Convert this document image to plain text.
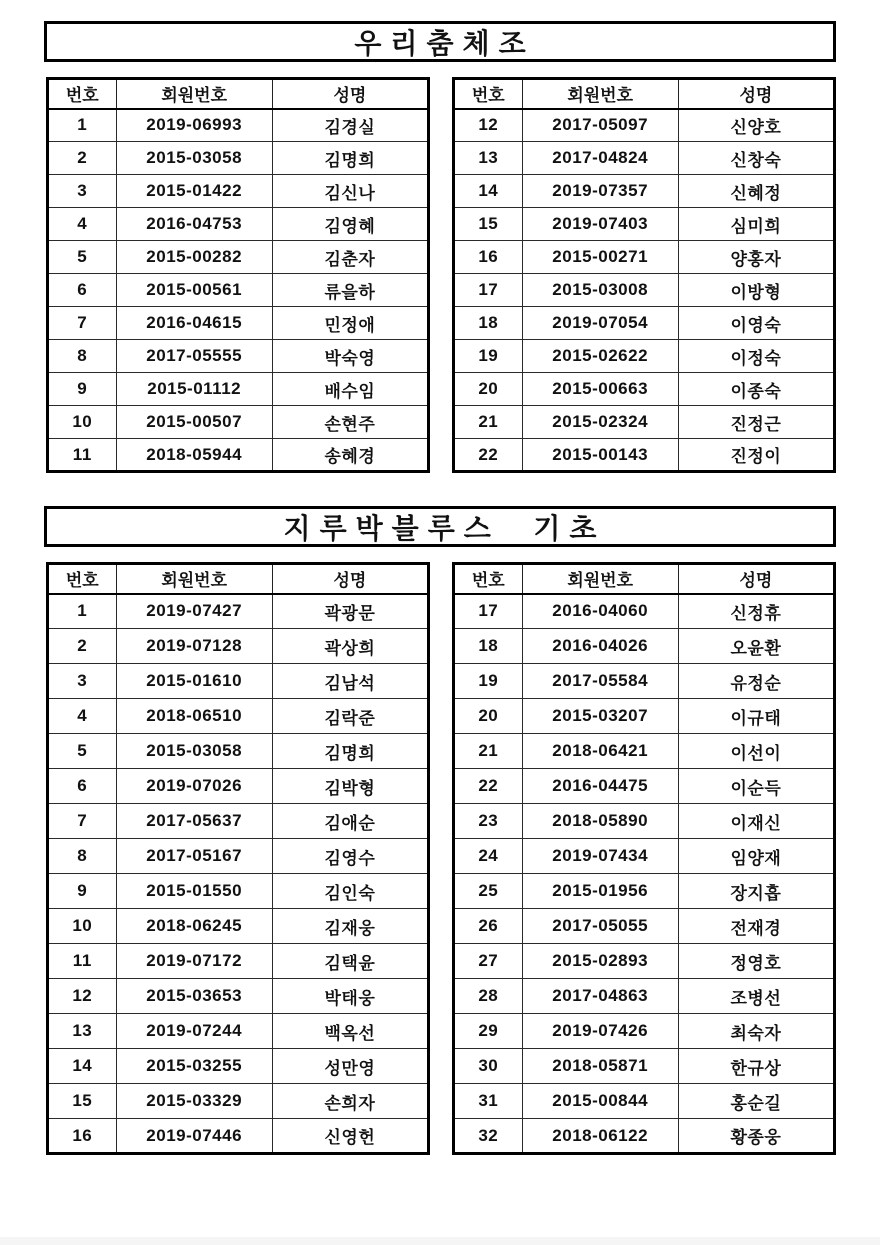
우리춤체조
번호	회원번호	성명
1	2019-06993	김경실
2	2015-03058	김명희
3	2015-01422	김신나
4	2016-04753	김영혜
5	2015-00282	김춘자
6	2015-00561	류을하
7	2016-04615	민정애
8	2017-05555	박숙영
9	2015-01112	배수임
10	2015-00507	손현주
11	2018-05944	송혜경
번호	회원번호	성명
12	2017-05097	신양호
13	2017-04824	신창숙
14	2019-07357	신혜정
15	2019-07403	심미희
16	2015-00271	양홍자
17	2015-03008	이방형
18	2019-07054	이영숙
19	2015-02622	이정숙
20	2015-00663	이종숙
21	2015-02324	진정근
22	2015-00143	진정이
지루박블루스  기초
번호	회원번호	성명
1	2019-07427	곽광문
2	2019-07128	곽상희
3	2015-01610	김남석
4	2018-06510	김락준
5	2015-03058	김명희
6	2019-07026	김박형
7	2017-05637	김애순
8	2017-05167	김영수
9	2015-01550	김인숙
10	2018-06245	김재웅
11	2019-07172	김택윤
12	2015-03653	박태웅
13	2019-07244	백옥선
14	2015-03255	성만영
15	2015-03329	손희자
16	2019-07446	신영헌
번호	회원번호	성명
17	2016-04060	신정휴
18	2016-04026	오윤환
19	2017-05584	유정순
20	2015-03207	이규태
21	2018-06421	이선이
22	2016-04475	이순득
23	2018-05890	이재신
24	2019-07434	임양재
25	2015-01956	장지흡
26	2017-05055	전재경
27	2015-02893	정영호
28	2017-04863	조병선
29	2019-07426	최숙자
30	2018-05871	한규상
31	2015-00844	홍순길
32	2018-06122	황종웅
